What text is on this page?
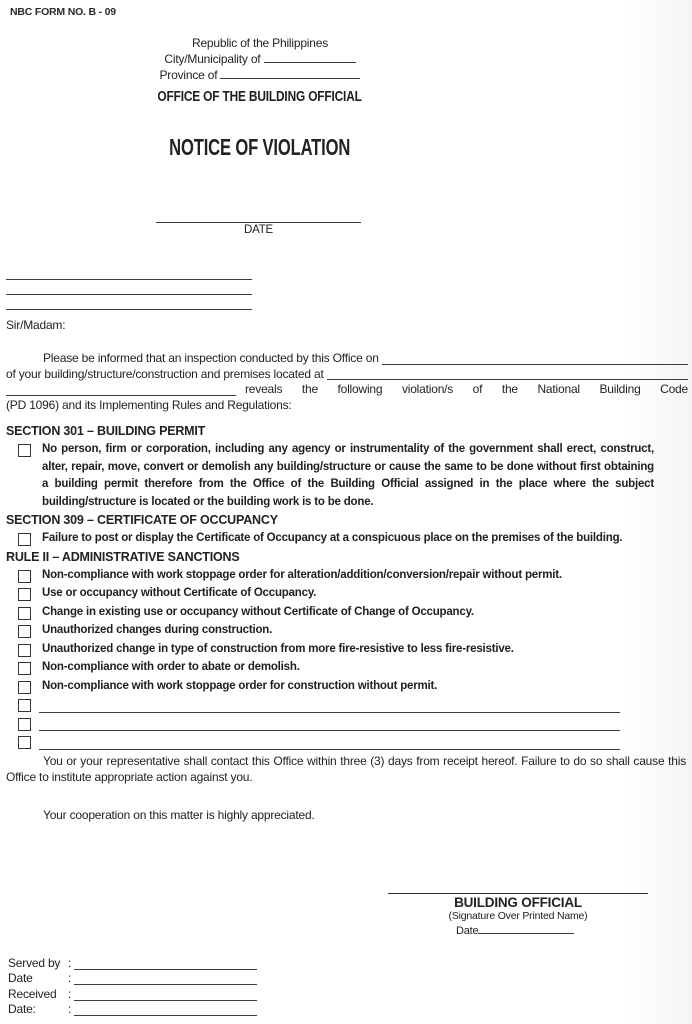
NBC FORM NO. B - 09
Republic of the Philippines
City/Municipality of
Province of
OFFICE OF THE BUILDING OFFICIAL
NOTICE OF VIOLATION
DATE
Sir/Madam:
Please be informed that an inspection conducted by this Office on
of your building/structure/construction and premises located at
reveals the following violation/s of the National Building Code
(PD 1096) and its Implementing Rules and Regulations:
SECTION 301 – BUILDING PERMIT
No person, firm or corporation, including any agency or instrumentality of the government shall erect, construct, alter, repair, move, convert or demolish any building/structure or cause the same to be done without first obtaining a building permit therefore from the Office of the Building Official assigned in the place where the subject building/structure is located or the building work is to be done.
SECTION 309 – CERTIFICATE OF OCCUPANCY
Failure to post or display the Certificate of Occupancy at a conspicuous place on the premises of the building.
RULE II – ADMINISTRATIVE SANCTIONS
Non-compliance with work stoppage order for alteration/addition/conversion/repair without permit.
Use or occupancy without Certificate of Occupancy.
Change in existing use or occupancy without Certificate of Change of Occupancy.
Unauthorized changes during construction.
Unauthorized change in type of construction from more fire-resistive to less fire-resistive.
Non-compliance with order to abate or demolish.
Non-compliance with work stoppage order for construction without permit.

You or your representative shall contact this Office within three (3) days from receipt hereof. Failure to do so shall cause this Office to institute appropriate action against you.

Your cooperation on this matter is highly appreciated.

BUILDING OFFICIAL
(Signature Over Printed Name)
Date
Served by :
Date	:
Received :
Date:	:
